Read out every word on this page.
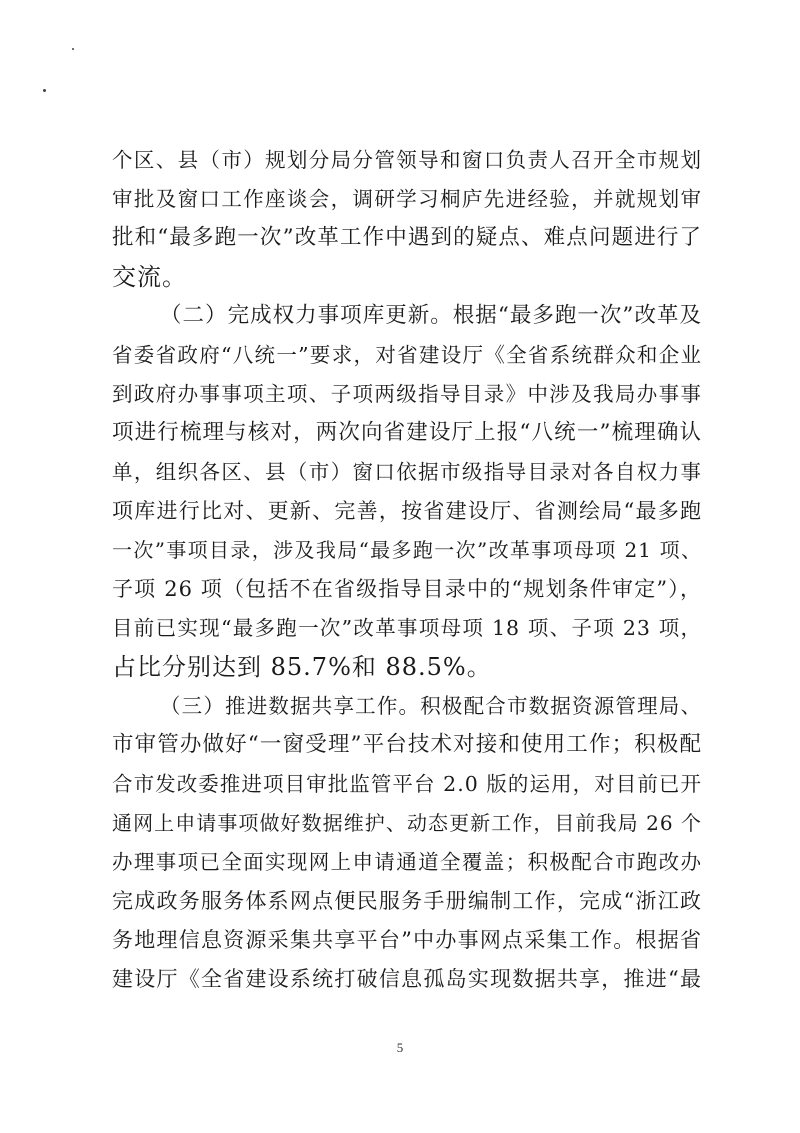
个区、县（市）规划分局分管领导和窗口负责人召开全市规划
审批及窗口工作座谈会，调研学习桐庐先进经验，并就规划审
批和“最多跑一次”改革工作中遇到的疑点、难点问题进行了
交流。
（二）完成权力事项库更新。根据“最多跑一次”改革及
省委省政府“八统一”要求，对省建设厅《全省系统群众和企业
到政府办事事项主项、子项两级指导目录》中涉及我局办事事
项进行梳理与核对，两次向省建设厅上报“八统一”梳理确认
单，组织各区、县（市）窗口依据市级指导目录对各自权力事
项库进行比对、更新、完善，按省建设厅、省测绘局“最多跑
一次”事项目录，涉及我局“最多跑一次”改革事项母项 21 项、
子项 26 项（包括不在省级指导目录中的“规划条件审定”），
目前已实现“最多跑一次”改革事项母项 18 项、子项 23 项，
占比分别达到 85.7%和 88.5%。
（三）推进数据共享工作。积极配合市数据资源管理局、
市审管办做好“一窗受理”平台技术对接和使用工作；积极配
合市发改委推进项目审批监管平台 2.0 版的运用，对目前已开
通网上申请事项做好数据维护、动态更新工作，目前我局 26 个
办理事项已全面实现网上申请通道全覆盖；积极配合市跑改办
完成政务服务体系网点便民服务手册编制工作，完成“浙江政
务地理信息资源采集共享平台”中办事网点采集工作。根据省
建设厅《全省建设系统打破信息孤岛实现数据共享，推进“最
5
